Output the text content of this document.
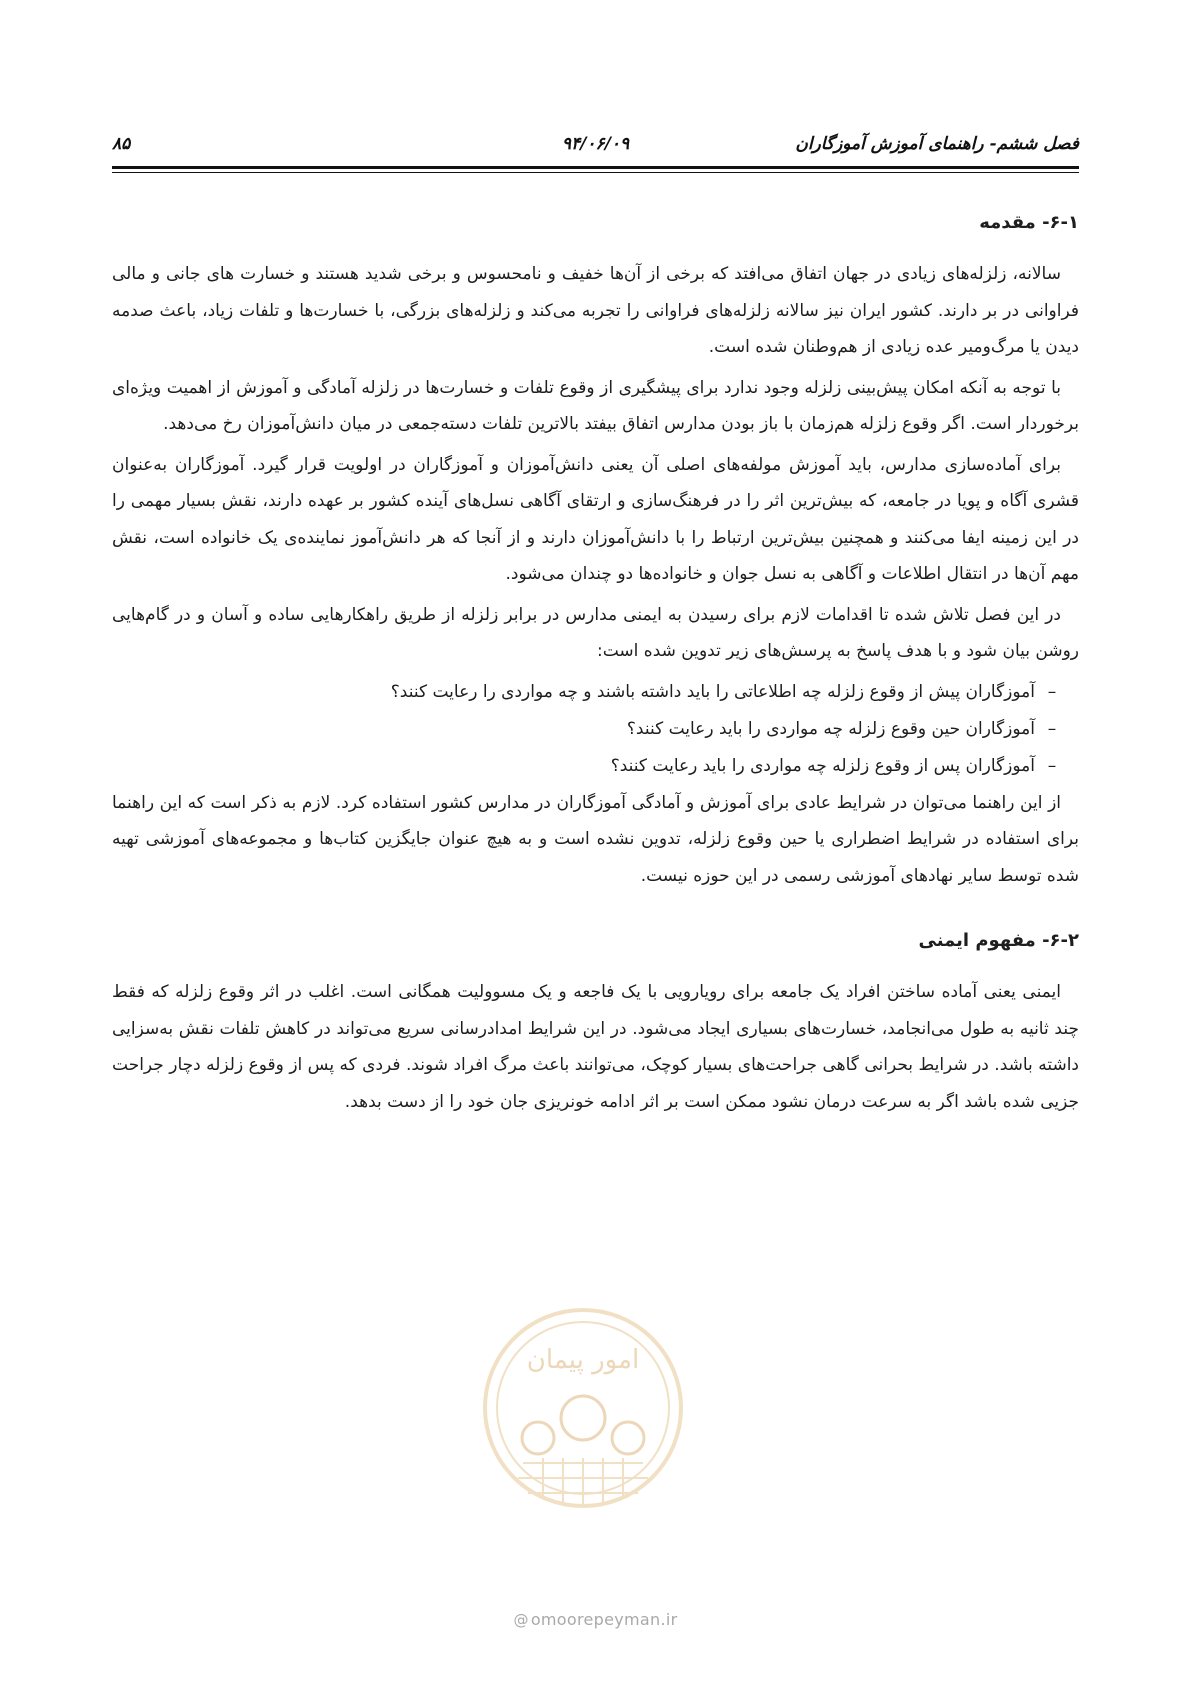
فصل ششم- راهنمای آموزش آموزگاران
۹۴/۰۶/۰۹
۸۵
۶-۱- مقدمه

سالانه، زلزله‌های زیادی در جهان اتفاق می‌افتد که برخی از آن‌ها خفیف و نامحسوس و برخی شدید هستند و خسارت های جانی و مالی فراوانی در بر دارند. کشور ایران نیز سالانه زلزله‌های فراوانی را تجربه می‌کند و زلزله‌های بزرگی، با خسارت‌ها و تلفات زیاد، باعث صدمه دیدن یا مرگ‌ومیر عده زیادی از هم‌وطنان شده است.

با توجه به آنکه امکان پیش‌بینی زلزله وجود ندارد برای پیشگیری از وقوع تلفات و خسارت‌ها در زلزله آمادگی و آموزش از اهمیت ویژه‌ای برخوردار است. اگر وقوع زلزله هم‌زمان با باز بودن مدارس اتفاق بیفتد بالاترین تلفات دسته‌جمعی در میان دانش‌آموزان رخ می‌دهد.

برای آماده‌سازی مدارس، باید آموزش مولفه‌های اصلی آن یعنی دانش‌آموزان و آموزگاران در اولویت قرار گیرد. آموزگاران به‌عنوان قشری آگاه و پویا در جامعه، که بیش‌ترین اثر را در فرهنگ‌سازی و ارتقای آگاهی نسل‌های آینده کشور بر عهده دارند، نقش بسیار مهمی را در این زمینه ایفا می‌کنند و همچنین بیش‌ترین ارتباط را با دانش‌آموزان دارند و از آنجا که هر دانش‌آموز نماینده‌ی یک خانواده است، نقش مهم آن‌ها در انتقال اطلاعات و آگاهی به نسل جوان و خانواده‌ها دو چندان می‌شود.

در این فصل تلاش شده تا اقدامات لازم برای رسیدن به ایمنی مدارس در برابر زلزله از طریق راهکارهایی ساده و آسان و در گام‌هایی روشن بیان شود و با هدف پاسخ به پرسش‌های زیر تدوین شده است:

–
آموزگاران پیش از وقوع زلزله چه اطلاعاتی را باید داشته باشند و چه مواردی را رعایت کنند؟
–
آموزگاران حین وقوع زلزله چه مواردی را باید رعایت کنند؟
–
آموزگاران پس از وقوع زلزله چه مواردی را باید رعایت کنند؟

از این راهنما می‌توان در شرایط عادی برای آموزش و آمادگی آموزگاران در مدارس کشور استفاده کرد. لازم به ذکر است که این راهنما برای استفاده در شرایط اضطراری یا حین وقوع زلزله، تدوین نشده است و به هیچ عنوان جایگزین کتاب‌ها و مجموعه‌های آموزشی تهیه شده توسط سایر نهادهای آموزشی رسمی در این حوزه نیست.

۶-۲- مفهوم ایمنی

ایمنی یعنی آماده ساختن افراد یک جامعه برای رویارویی با یک فاجعه و یک مسوولیت همگانی است. اغلب در اثر وقوع زلزله که فقط چند ثانیه به طول می‌انجامد، خسارت‌های بسیاری ایجاد می‌شود. در این شرایط امدادرسانی سریع می‌تواند در کاهش تلفات نقش به‌سزایی داشته باشد. در شرایط بحرانی گاهی جراحت‌های بسیار کوچک، می‌توانند باعث مرگ افراد شوند. فردی که پس از وقوع زلزله دچار جراحت جزیی شده باشد اگر به سرعت درمان نشود ممکن است بر اثر ادامه خونریزی جان خود را از دست بدهد.

امور پیمان
@ omoorepeyman.ir
